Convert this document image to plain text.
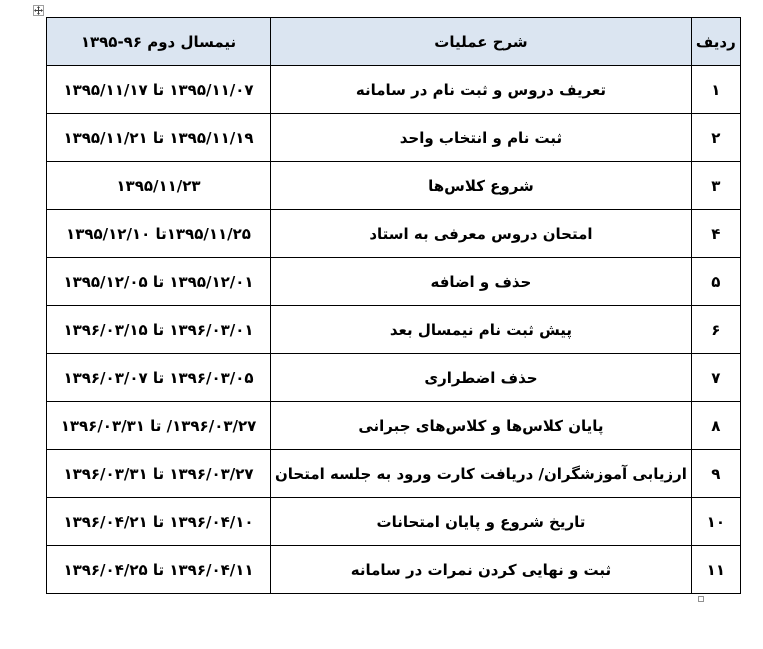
ردیف	شرح عملیات	نیمسال دوم ۹۶-۱۳۹۵
۱	تعریف دروس و ثبت نام در سامانه	۱۳۹۵/۱۱/۰۷ تا ۱۳۹۵/۱۱/۱۷
۲	ثبت نام و انتخاب واحد	۱۳۹۵/۱۱/۱۹ تا ۱۳۹۵/۱۱/۲۱
۳	شروع کلاس‌ها	۱۳۹۵/۱۱/۲۳
۴	امتحان دروس معرفی به استاد	۱۳۹۵/۱۱/۲۵تا ۱۳۹۵/۱۲/۱۰
۵	حذف و اضافه	۱۳۹۵/۱۲/۰۱ تا ۱۳۹۵/۱۲/۰۵
۶	پیش ثبت نام نیمسال بعد	۱۳۹۶/۰۳/۰۱ تا ۱۳۹۶/۰۳/۱۵
۷	حذف اضطراری	۱۳۹۶/۰۳/۰۵ تا ۱۳۹۶/۰۳/۰۷
۸	پایان کلاس‌ها و کلاس‌های جبرانی	۱۳۹۶/۰۳/۲۷/ تا ۱۳۹۶/۰۳/۳۱
۹	ارزیابی آموزشگران/ دریافت کارت ورود به جلسه امتحان	۱۳۹۶/۰۳/۲۷ تا ۱۳۹۶/۰۳/۳۱
۱۰	تاریخ شروع و پایان امتحانات	۱۳۹۶/۰۴/۱۰ تا ۱۳۹۶/۰۴/۲۱
۱۱	ثبت و نهایی کردن نمرات در سامانه	۱۳۹۶/۰۴/۱۱ تا ۱۳۹۶/۰۴/۲۵
